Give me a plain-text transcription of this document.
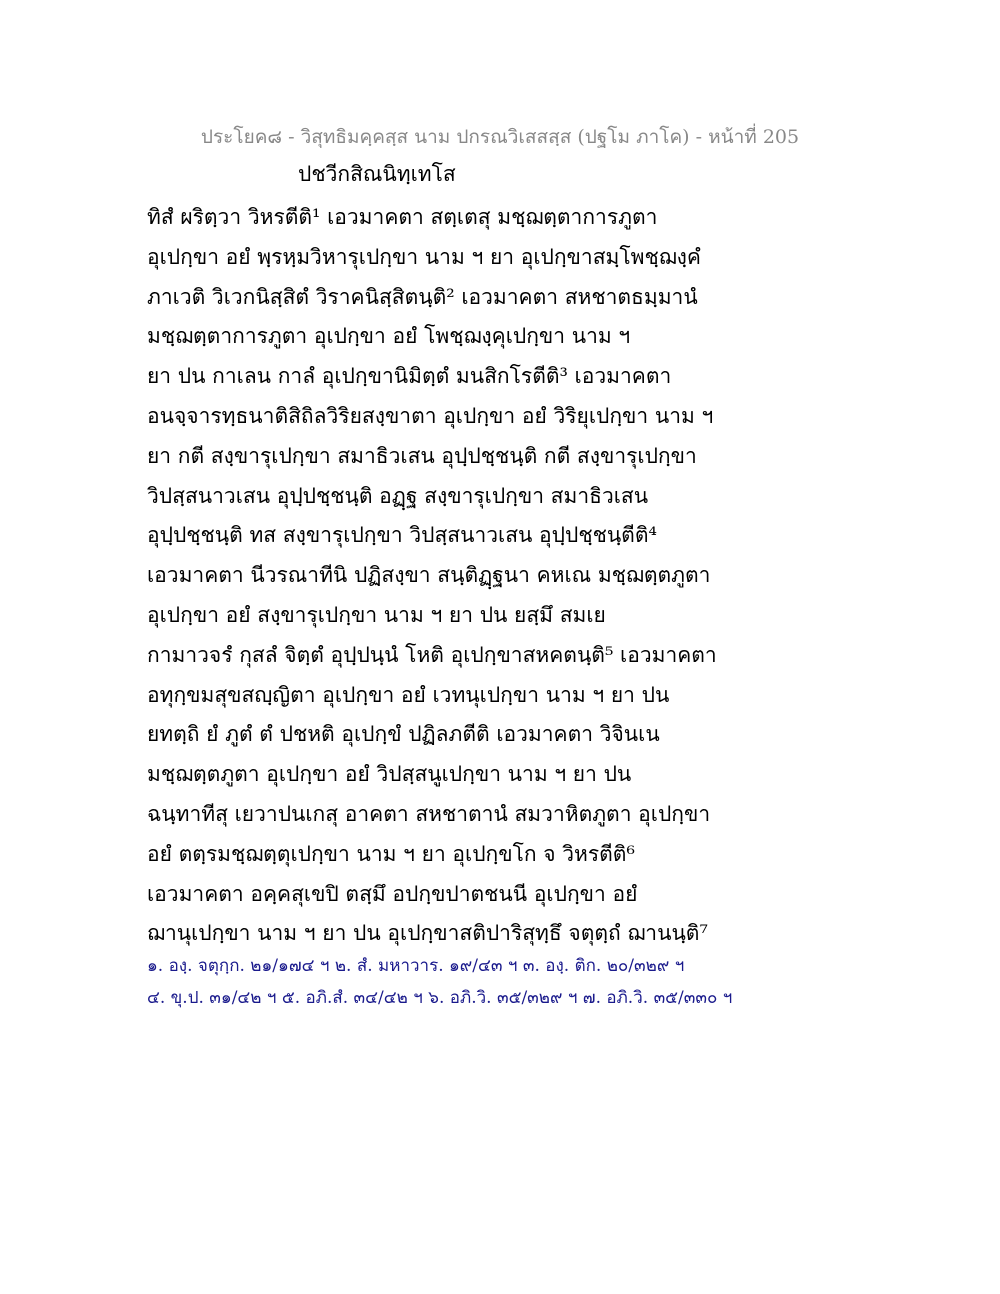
ประโยค๘ - วิสุทธิมคฺคสฺส นาม ปกรณวิเสสสฺส (ปฐโม ภาโค) - หน้าที่ 205
ปชวีกสิณนิทฺเทโส
ทิสํ ผริตฺวา วิหรตีติ¹ เอวมาคตา สตฺเตสุ มชฺฌตฺตาการภูตา
อุเปกฺขา อยํ พฺรหฺมวิหารุเปกฺขา นาม ฯ ยา อุเปกฺขาสมฺโพชฺฌงฺคํ
ภาเวติ วิเวกนิสฺสิตํ วิราคนิสฺสิตนฺติ² เอวมาคตา สหชาตธมฺมานํ
มชฺฌตฺตาการภูตา อุเปกฺขา อยํ โพชฺฌงฺคุเปกฺขา นาม ฯ
ยา ปน กาเลน กาลํ อุเปกฺขานิมิตฺตํ มนสิกโรตีติ³ เอวมาคตา
อนจฺจารทฺธนาติสิถิลวิริยสงฺขาตา อุเปกฺขา อยํ วิริยุเปกฺขา นาม ฯ
ยา กตี สงฺขารุเปกฺขา สมาธิวเสน อุปฺปชฺชนฺติ กตี สงฺขารุเปกฺขา
วิปสฺสนาวเสน อุปฺปชฺชนฺติ อฏฺฐ สงฺขารุเปกฺขา สมาธิวเสน
อุปฺปชฺชนฺติ ทส สงฺขารุเปกฺขา วิปสฺสนาวเสน อุปฺปชฺชนฺตีติ⁴
เอวมาคตา นีวรณาทีนิ ปฏิสงฺขา สนฺติฏฺฐนา คหเณ มชฺฌตฺตภูตา
อุเปกฺขา อยํ สงฺขารุเปกฺขา นาม ฯ ยา ปน ยสฺมึ สมเย
กามาวจรํ กุสลํ จิตฺตํ อุปฺปนฺนํ โหติ อุเปกฺขาสหคตนฺติ⁵ เอวมาคตา
อทุกฺขมสุขสญฺญิตา อุเปกฺขา อยํ เวทนุเปกฺขา นาม ฯ ยา ปน
ยทตฺถิ ยํ ภูตํ ตํ ปชหติ อุเปกฺขํ ปฏิลภตีติ เอวมาคตา วิจินเน
มชฺฌตฺตภูตา อุเปกฺขา อยํ วิปสฺสนูเปกฺขา นาม ฯ ยา ปน
ฉนฺทาทีสุ เยวาปนเกสุ อาคตา สหชาตานํ สมวาหิตภูตา อุเปกฺขา
อยํ ตตฺรมชฺฌตฺตุเปกฺขา นาม ฯ ยา อุเปกฺขโก จ วิหรตีติ⁶
เอวมาคตา อคฺคสุเขปิ ตสฺมึ อปกฺขปาตชนนี อุเปกฺขา อยํ
ฌานุเปกฺขา นาม ฯ ยา ปน อุเปกฺขาสติปาริสุทฺธึ จตุตฺถํ ฌานนฺติ⁷
๑. องฺ. จตุกฺก. ๒๑/๑๗๔ ฯ ๒. สํ. มหาวาร. ๑๙/๔๓ ฯ ๓. องฺ. ติก. ๒๐/๓๒๙ ฯ
๔. ขุ.ป. ๓๑/๔๒ ฯ ๕. อภิ.สํ. ๓๔/๔๒ ฯ ๖. อภิ.วิ. ๓๕/๓๒๙ ฯ ๗. อภิ.วิ. ๓๕/๓๓๐ ฯ
